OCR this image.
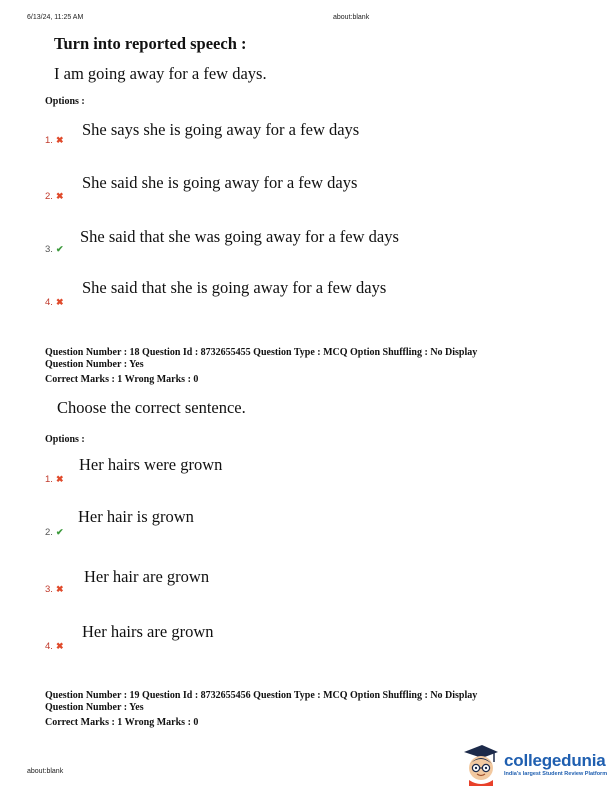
6/13/24, 11:25 AM	about:blank
Turn into reported speech :
I am going away for a few days.
Options :
She says she is going away for a few days
1. ✖
She said she is going away for a few days
2. ✖
She said that she was going away for a few days
3. ✔
She said that she is going away for a few days
4. ✖
Question Number : 18 Question Id : 8732655455 Question Type : MCQ Option Shuffling : No Display
Question Number : Yes
Correct Marks : 1 Wrong Marks : 0
Choose the correct sentence.
Options :
Her hairs were grown
1. ✖
Her hair is grown
2. ✔
Her hair are grown
3. ✖
Her hairs are grown
4. ✖
Question Number : 19 Question Id : 8732655456 Question Type : MCQ Option Shuffling : No Display
Question Number : Yes
Correct Marks : 1 Wrong Marks : 0
about:blank
collegedunia
India's largest Student Review Platform
